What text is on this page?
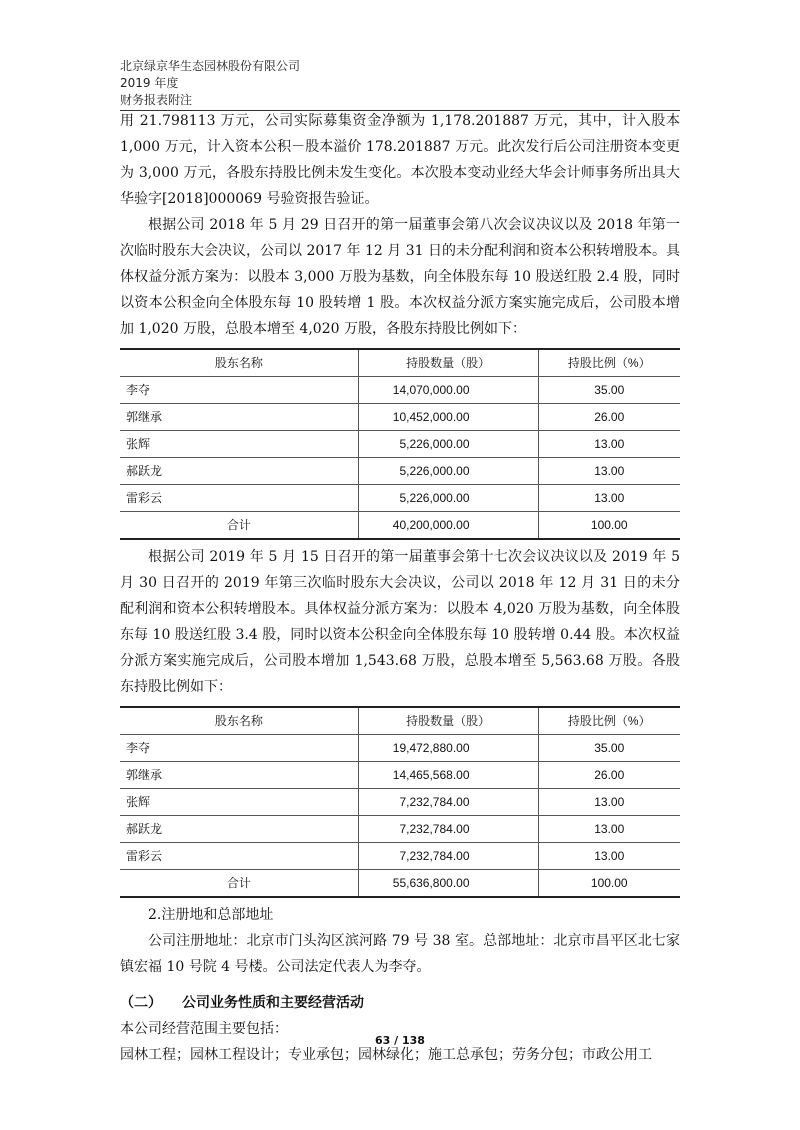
北京绿京华生态园林股份有限公司
2019 年度
财务报表附注

用 21.798113 万元，公司实际募集资金净额为 1,178.201887 万元，其中，计入股本 1,000 万元，计入资本公积－股本溢价 178.201887 万元。此次发行后公司注册资本变更为 3,000 万元，各股东持股比例未发生变化。本次股本变动业经大华会计师事务所出具大华验字[2018]000069 号验资报告验证。

根据公司 2018 年 5 月 29 日召开的第一届董事会第八次会议决议以及 2018 年第一次临时股东大会决议，公司以 2017 年 12 月 31 日的未分配利润和资本公积转增股本。具体权益分派方案为：以股本 3,000 万股为基数，向全体股东每 10 股送红股 2.4 股，同时以资本公积金向全体股东每 10 股转增 1 股。本次权益分派方案实施完成后，公司股本增加 1,020 万股，总股本增至 4,020 万股，各股东持股比例如下：

股东名称	持股数量（股）	持股比例（%）
李夺	14,070,000.00	35.00
郭继承	10,452,000.00	26.00
张辉	5,226,000.00	13.00
郝跃龙	5,226,000.00	13.00
雷彩云	5,226,000.00	13.00
合计	40,200,000.00	100.00

根据公司 2019 年 5 月 15 日召开的第一届董事会第十七次会议决议以及 2019 年 5 月 30 日召开的 2019 年第三次临时股东大会决议，公司以 2018 年 12 月 31 日的未分配利润和资本公积转增股本。具体权益分派方案为：以股本 4,020 万股为基数，向全体股东每 10 股送红股 3.4 股，同时以资本公积金向全体股东每 10 股转增 0.44 股。本次权益分派方案实施完成后，公司股本增加 1,543.68 万股，总股本增至 5,563.68 万股。各股东持股比例如下：

股东名称	持股数量（股）	持股比例（%）
李夺	19,472,880.00	35.00
郭继承	14,465,568.00	26.00
张辉	7,232,784.00	13.00
郝跃龙	7,232,784.00	13.00
雷彩云	7,232,784.00	13.00
合计	55,636,800.00	100.00

2.注册地和总部地址

公司注册地址：北京市门头沟区滨河路 79 号 38 室。总部地址：北京市昌平区北七家镇宏福 10 号院 4 号楼。公司法定代表人为李夺。

（二） 公司业务性质和主要经营活动

本公司经营范围主要包括：

园林工程；园林工程设计；专业承包；园林绿化；施工总承包；劳务分包；市政公用工

63 / 138
